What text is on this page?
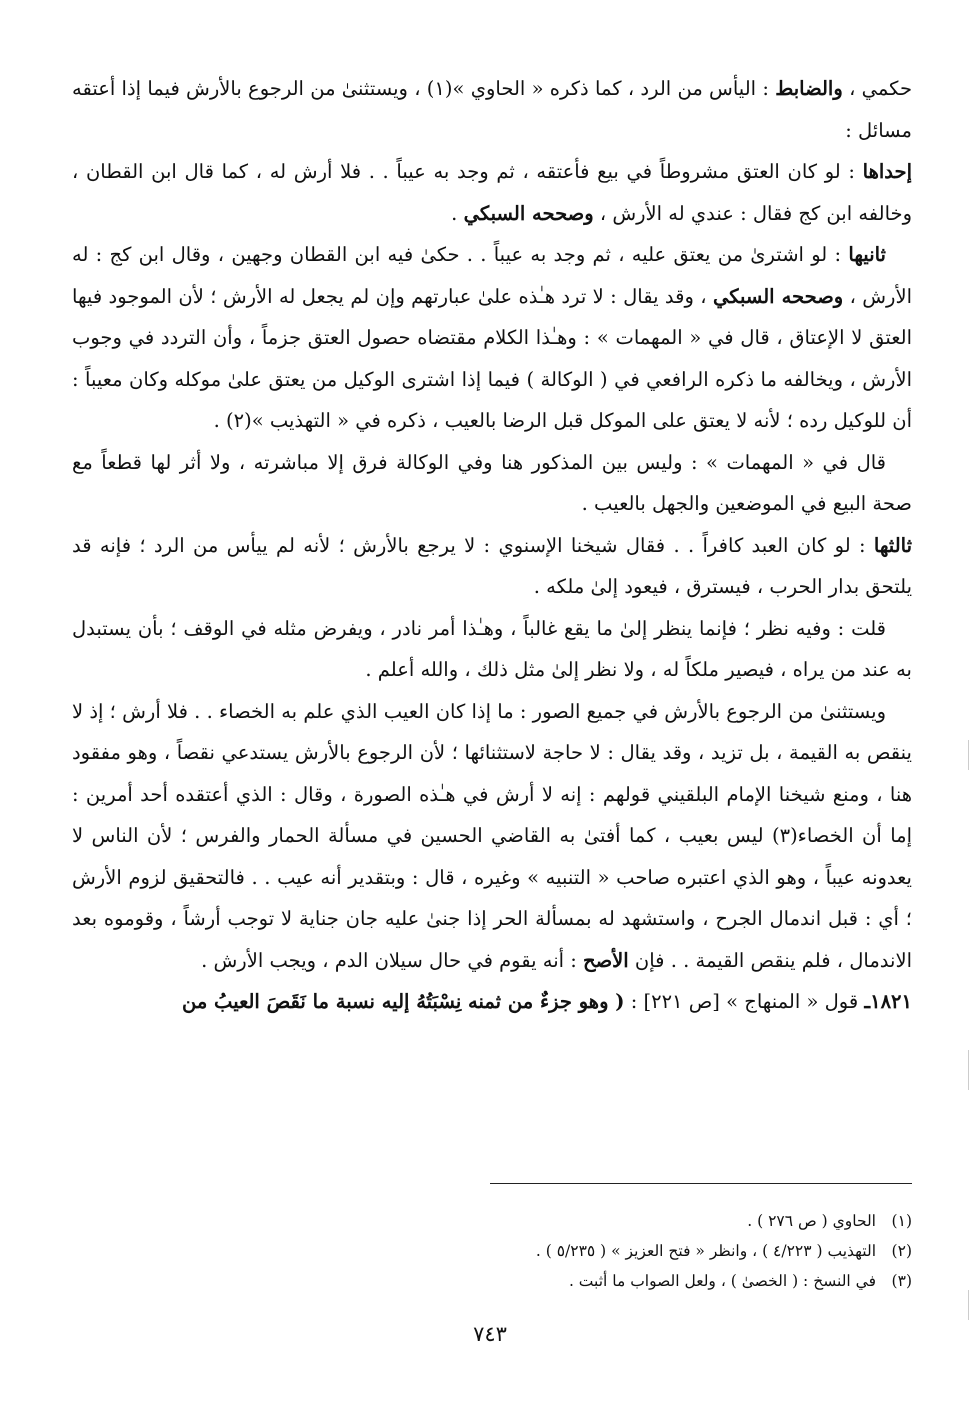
حكمي ، والضابط : اليأس من الرد ، كما ذكره « الحاوي »(١) ، ويستثنىٰ من الرجوع بالأرش فيما إذا أعتقه مسائل :

إحداها : لو كان العتق مشروطاً في بيع فأعتقه ، ثم وجد به عيباً . . فلا أرش له ، كما قال ابن القطان ، وخالفه ابن كج فقال : عندي له الأرش ، وصححه السبكي .

ثانيها : لو اشترىٰ من يعتق عليه ، ثم وجد به عيباً . . حكىٰ فيه ابن القطان وجهين ، وقال ابن كج : له الأرش ، وصححه السبكي ، وقد يقال : لا ترد هـٰذه علىٰ عبارتهم وإن لم يجعل له الأرش ؛ لأن الموجود فيها العتق لا الإعتاق ، قال في « المهمات » : وهـٰذا الكلام مقتضاه حصول العتق جزماً ، وأن التردد في وجوب الأرش ، ويخالفه ما ذكره الرافعي في ( الوكالة ) فيما إذا اشترى الوكيل من يعتق علىٰ موكله وكان معيباً : أن للوكيل رده ؛ لأنه لا يعتق على الموكل قبل الرضا بالعيب ، ذكره في « التهذيب »(٢) .

قال في « المهمات » : وليس بين المذكور هنا وفي الوكالة فرق إلا مباشرته ، ولا أثر لها قطعاً مع صحة البيع في الموضعين والجهل بالعيب .

ثالثها : لو كان العبد كافراً . . فقال شيخنا الإسنوي : لا يرجع بالأرش ؛ لأنه لم ييأس من الرد ؛ فإنه قد يلتحق بدار الحرب ، فيسترق ، فيعود إلىٰ ملكه .

قلت : وفيه نظر ؛ فإنما ينظر إلىٰ ما يقع غالباً ، وهـٰذا أمر نادر ، ويفرض مثله في الوقف ؛ بأن يستبدل به عند من يراه ، فيصير ملكاً له ، ولا نظر إلىٰ مثل ذلك ، والله أعلم .

ويستثنىٰ من الرجوع بالأرش في جميع الصور : ما إذا كان العيب الذي علم به الخصاء . . فلا أرش ؛ إذ لا ينقص به القيمة ، بل تزيد ، وقد يقال : لا حاجة لاستثنائها ؛ لأن الرجوع بالأرش يستدعي نقصاً ، وهو مفقود هنا ، ومنع شيخنا الإمام البلقيني قولهم : إنه لا أرش في هـٰذه الصورة ، وقال : الذي أعتقده أحد أمرين : إما أن الخصاء(٣) ليس بعيب ، كما أفتىٰ به القاضي الحسين في مسألة الحمار والفرس ؛ لأن الناس لا يعدونه عيباً ، وهو الذي اعتبره صاحب « التنبيه » وغيره ، قال : وبتقدير أنه عيب . . فالتحقيق لزوم الأرش ؛ أي : قبل اندمال الجرح ، واستشهد له بمسألة الحر إذا جنىٰ عليه جان جناية لا توجب أرشاً ، وقوموه بعد الاندمال ، فلم ينقص القيمة . . فإن الأصح : أنه يقوم في حال سيلان الدم ، ويجب الأرش .

١٨٢١ـ قول « المنهاج » [ص ٢٢١] : ( وهو جزءٌ من ثمنه نِسْبَتُهُ إليه نسبة ما نَقَصَ العيبُ من

(١)الحاوي ( ص ٢٧٦ ) .

(٢)التهذيب ( ٤/٢٢٣ ) ، وانظر « فتح العزيز » ( ٥/٢٣٥ ) .

(٣)في النسخ : ( الخصىٰ ) ، ولعل الصواب ما أثبت .

٧٤٣
